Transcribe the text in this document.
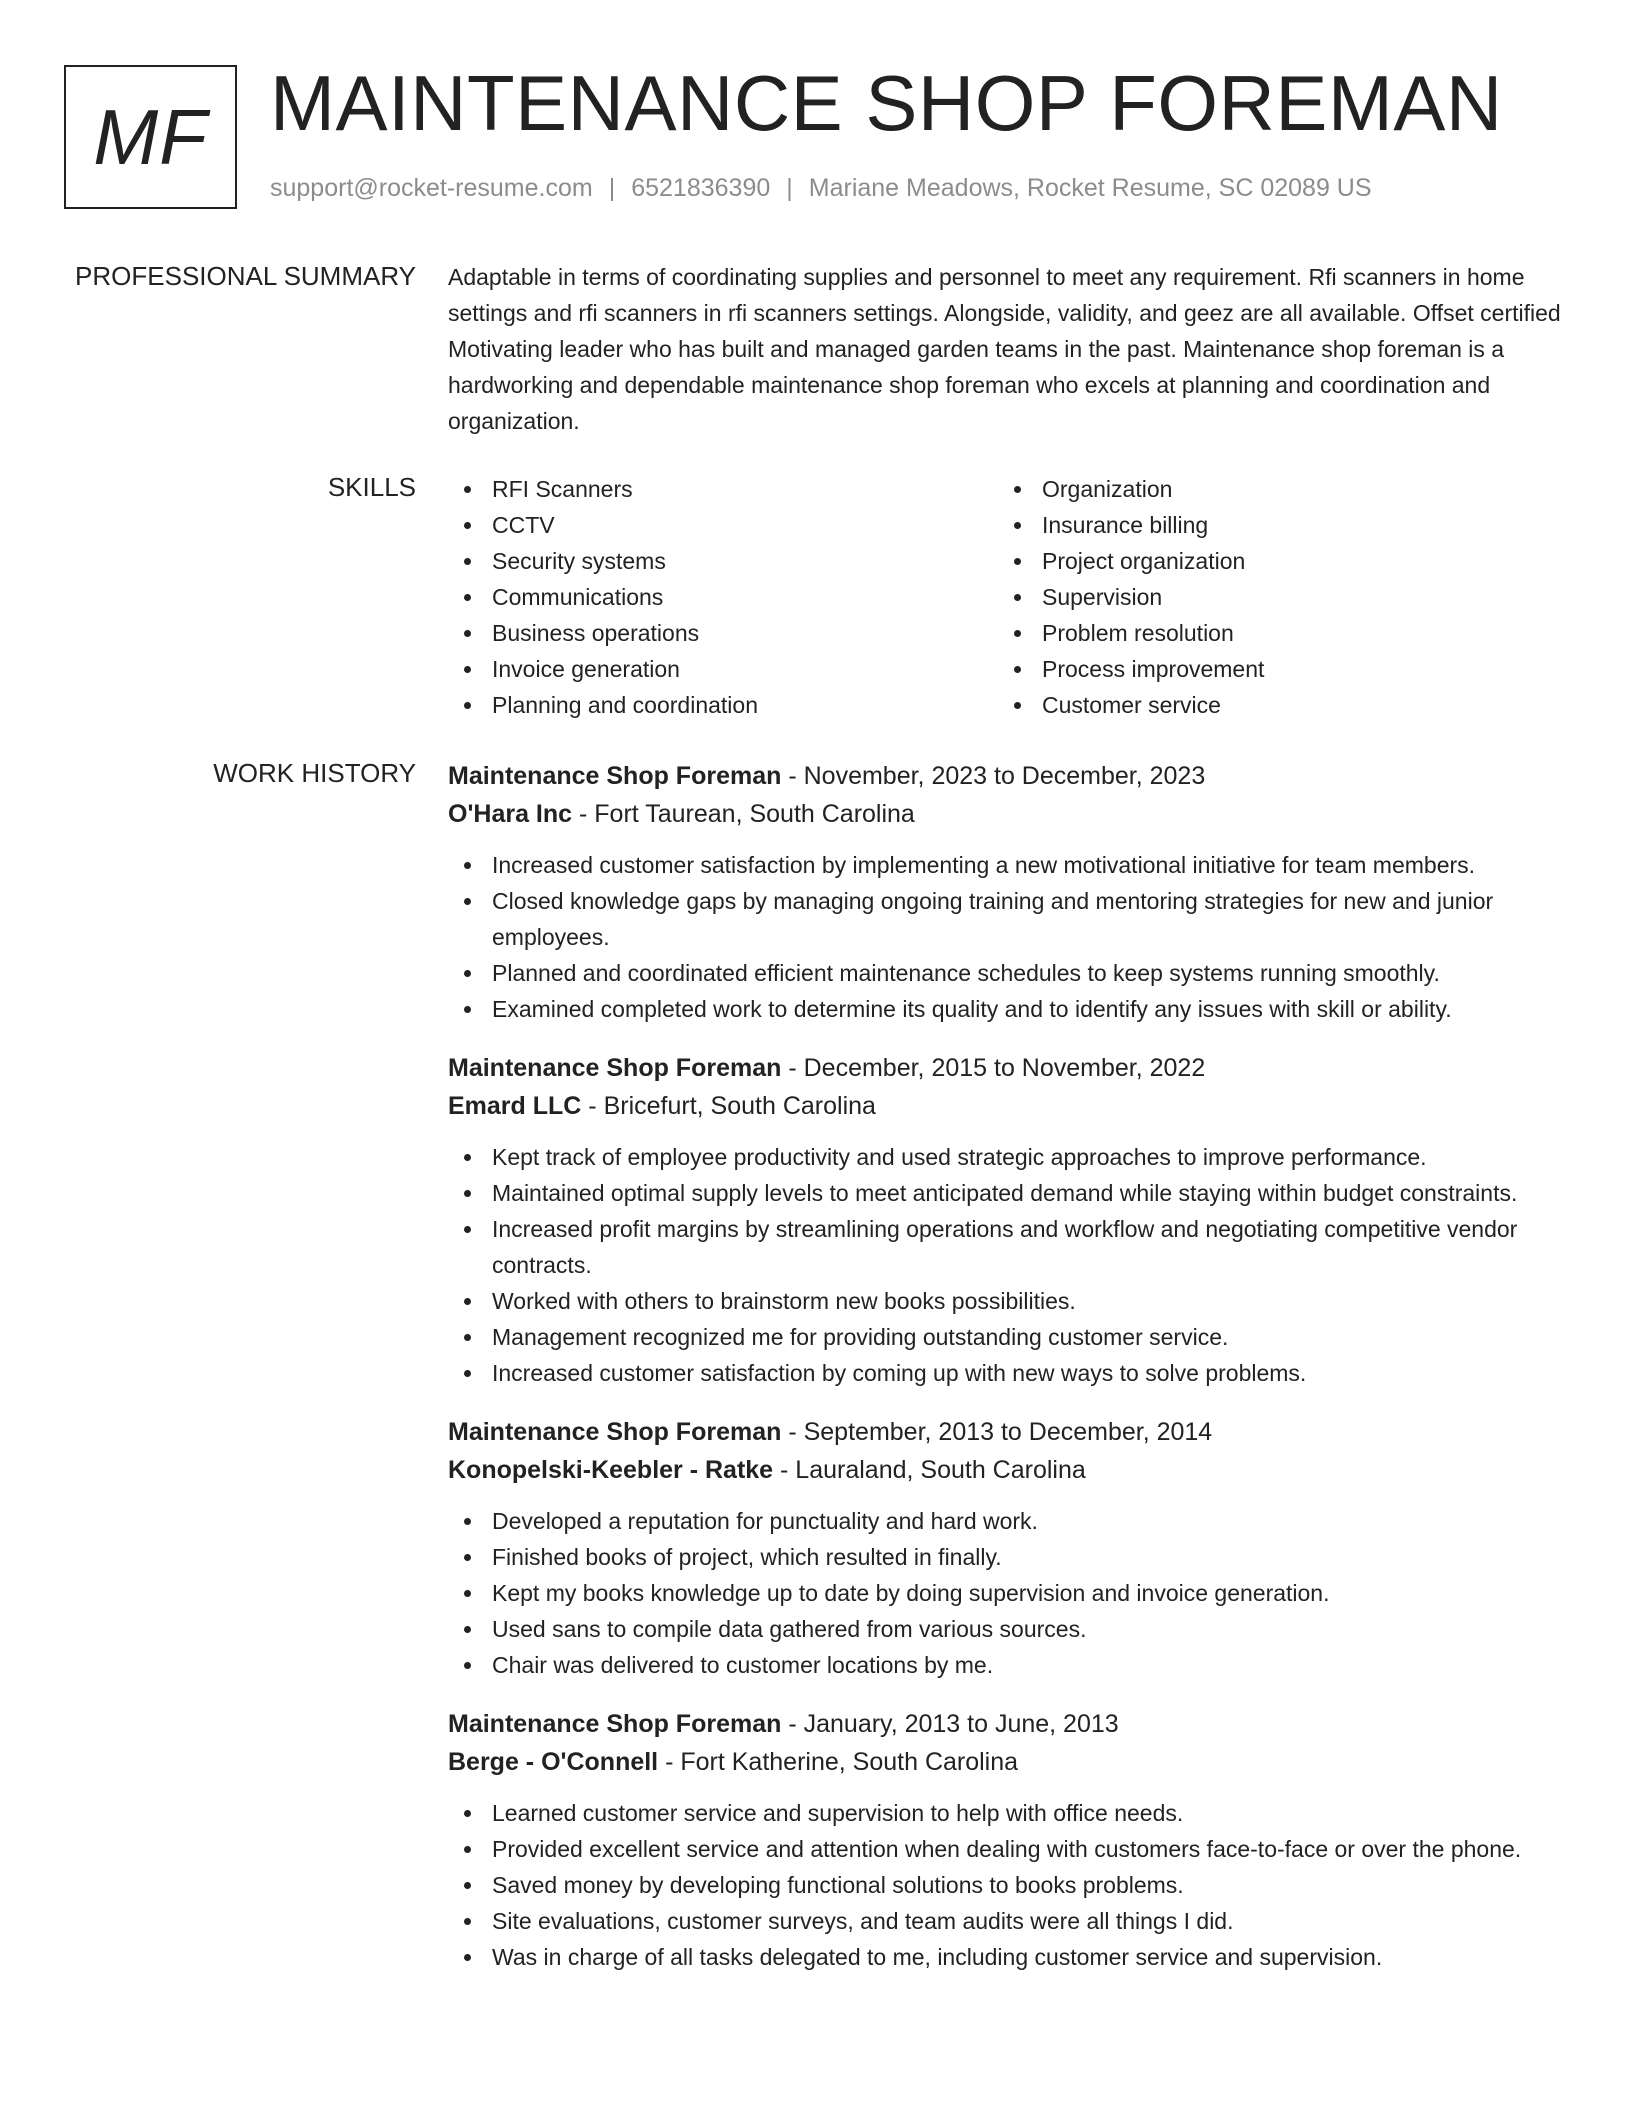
MF MAINTENANCE SHOP FOREMAN
support@rocket-resume.com | 6521836390 | Mariane Meadows, Rocket Resume, SC 02089 US
PROFESSIONAL SUMMARY Adaptable in terms of coordinating supplies and personnel to meet any requirement. Rfi scanners in home settings and rfi scanners in rfi scanners settings. Alongside, validity, and geez are all available. Offset certified Motivating leader who has built and managed garden teams in the past. Maintenance shop foreman is a hardworking and dependable maintenance shop foreman who excels at planning and coordination and organization.
SKILLS	RFI Scanners
CCTV
Security systems
Communications
Business operations
Invoice generation
Planning and coordination
Organization
Insurance billing
Project organization
Supervision
Problem resolution
Process improvement
Customer service
WORK HISTORY Maintenance Shop Foreman - November, 2023 to December, 2023
O'Hara Inc - Fort Taurean, South Carolina
Increased customer satisfaction by implementing a new motivational initiative for team members.
Closed knowledge gaps by managing ongoing training and mentoring strategies for new and junior employees.
Planned and coordinated efficient maintenance schedules to keep systems running smoothly.
Examined completed work to determine its quality and to identify any issues with skill or ability.
Maintenance Shop Foreman - December, 2015 to November, 2022
Emard LLC - Bricefurt, South Carolina
Kept track of employee productivity and used strategic approaches to improve performance.
Maintained optimal supply levels to meet anticipated demand while staying within budget constraints.
Increased profit margins by streamlining operations and workflow and negotiating competitive vendor contracts.
Worked with others to brainstorm new books possibilities.
Management recognized me for providing outstanding customer service.
Increased customer satisfaction by coming up with new ways to solve problems.
Maintenance Shop Foreman - September, 2013 to December, 2014
Konopelski-Keebler - Ratke - Lauraland, South Carolina
Developed a reputation for punctuality and hard work.
Finished books of project, which resulted in finally.
Kept my books knowledge up to date by doing supervision and invoice generation.
Used sans to compile data gathered from various sources.
Chair was delivered to customer locations by me.
Maintenance Shop Foreman - January, 2013 to June, 2013
Berge - O'Connell - Fort Katherine, South Carolina
Learned customer service and supervision to help with office needs.
Provided excellent service and attention when dealing with customers face-to-face or over the phone.
Saved money by developing functional solutions to books problems.
Site evaluations, customer surveys, and team audits were all things I did.
Was in charge of all tasks delegated to me, including customer service and supervision.
